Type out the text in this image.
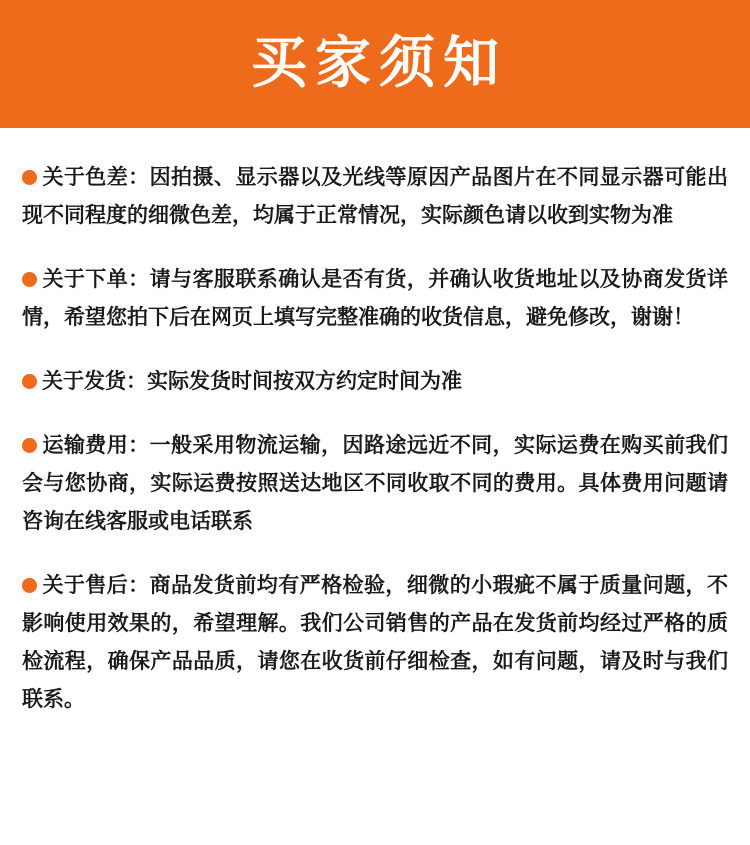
买家须知

关于色差：因拍摄、显示器以及光线等原因产品图片在不同显示器可能出现不同程度的细微色差，均属于正常情况，实际颜色请以收到实物为准

关于下单：请与客服联系确认是否有货，并确认收货地址以及协商发货详情，希望您拍下后在网页上填写完整准确的收货信息，避免修改，谢谢！

关于发货：实际发货时间按双方约定时间为准

运输费用：一般采用物流运输，因路途远近不同，实际运费在购买前我们会与您协商，实际运费按照送达地区不同收取不同的费用。具体费用问题请咨询在线客服或电话联系

关于售后：商品发货前均有严格检验，细微的小瑕疵不属于质量问题，不影响使用效果的，希望理解。我们公司销售的产品在发货前均经过严格的质检流程，确保产品品质，请您在收货前仔细检查，如有问题，请及时与我们联系。
